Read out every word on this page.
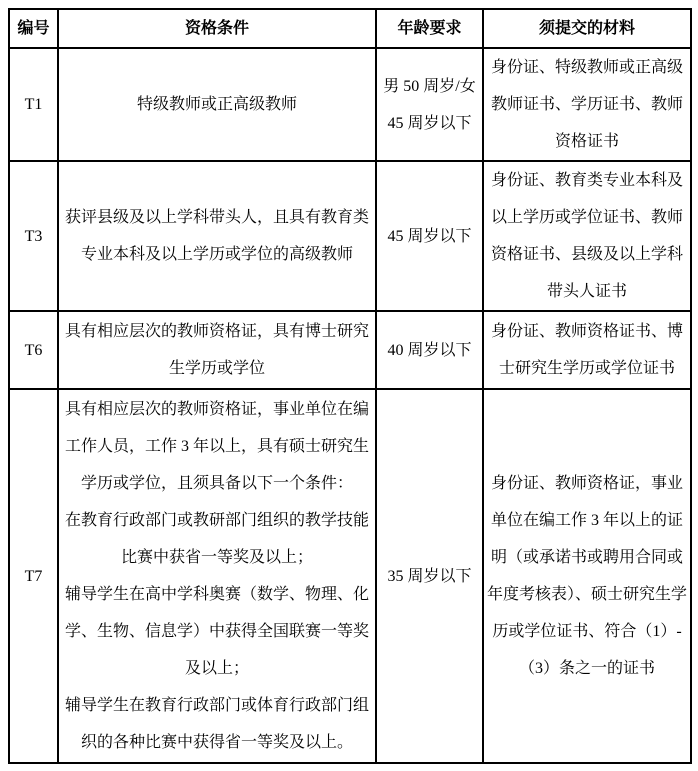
编号	资格条件	年龄要求	须提交的材料
T1	特级教师或正高级教师	男 50 周岁/女 45 周岁以下	身份证、特级教师或正高级教师证书、学历证书、教师资格证书
T3	获评县级及以上学科带头人，且具有教育类专业本科及以上学历或学位的高级教师	45 周岁以下	身份证、教育类专业本科及以上学历或学位证书、教师资格证书、县级及以上学科带头人证书
T6	具有相应层次的教师资格证，具有博士研究生学历或学位	40 周岁以下	身份证、教师资格证书、博士研究生学历或学位证书
T7	具有相应层次的教师资格证，事业单位在编工作人员，工作 3 年以上，具有硕士研究生学历或学位，且须具备以下一个条件：

在教育行政部门或教研部门组织的教学技能比赛中获省一等奖及以上；

辅导学生在高中学科奥赛（数学、物理、化学、生物、信息学）中获得全国联赛一等奖及以上；

辅导学生在教育行政部门或体育行政部门组织的各种比赛中获得省一等奖及以上。	35 周岁以下	身份证、教师资格证，事业单位在编工作 3 年以上的证明（或承诺书或聘用合同或年度考核表）、硕士研究生学历或学位证书、符合（1）-（3）条之一的证书
